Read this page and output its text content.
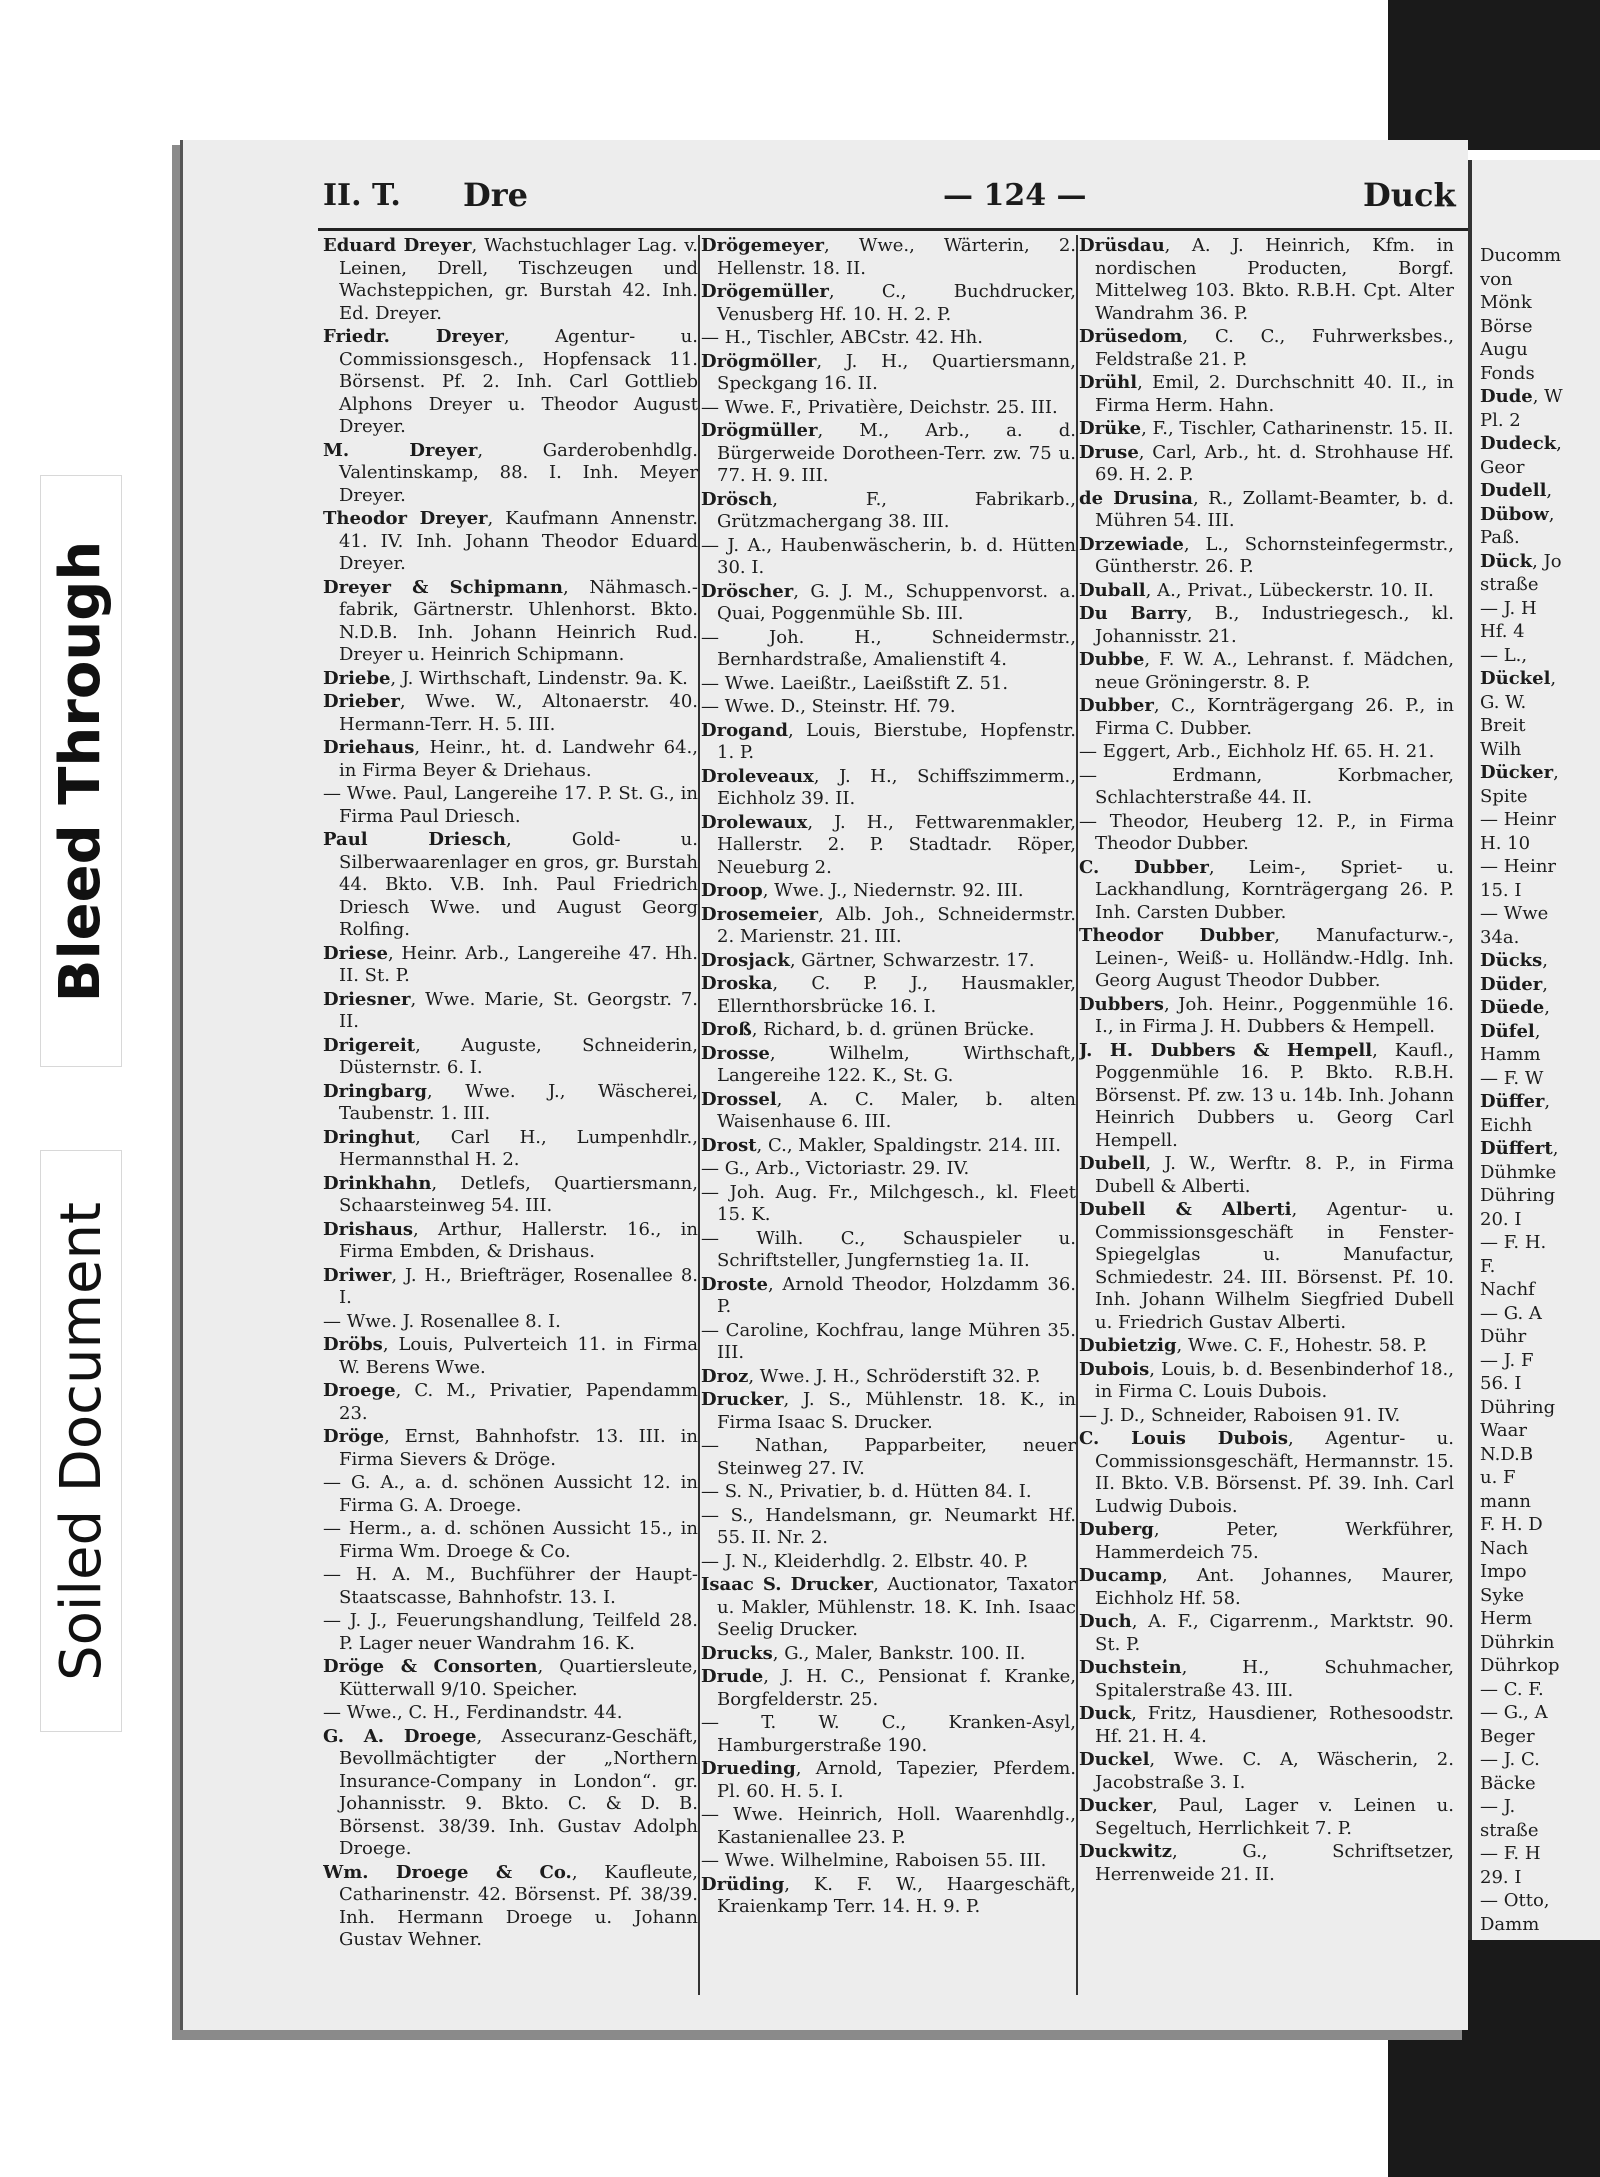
Bleed Through
Soiled Document
II. T. Dre	— 124 —	Duck
Eduard Dreyer, Wachstuchlager Lag. v. Leinen, Drell, Tischzeugen und Wachsteppichen, gr. Burstah 42. Inh. Ed. Dreyer.
Friedr. Dreyer, Agentur- u. Commissionsgesch., Hopfensack 11. Börsenst. Pf. 2. Inh. Carl Gottlieb Alphons Dreyer u. Theodor August Dreyer.
M. Dreyer, Garderobenhdlg. Valentinskamp, 88. I. Inh. Meyer Dreyer.
Theodor Dreyer, Kaufmann Annenstr. 41. IV. Inh. Johann Theodor Eduard Dreyer.
Dreyer & Schipmann, Nähmasch.-fabrik, Gärtnerstr. Uhlenhorst. Bkto. N.D.B. Inh. Johann Heinrich Rud. Dreyer u. Heinrich Schipmann.
Driebe, J. Wirthschaft, Lindenstr. 9a. K.
Drieber, Wwe. W., Altonaerstr. 40. Hermann-Terr. H. 5. III.
Driehaus, Heinr., ht. d. Landwehr 64., in Firma Beyer & Driehaus.
— Wwe. Paul, Langereihe 17. P. St. G., in Firma Paul Driesch.
Paul Driesch, Gold- u. Silberwaarenlager en gros, gr. Burstah 44. Bkto. V.B. Inh. Paul Friedrich Driesch Wwe. und August Georg Rolfing.
Driese, Heinr. Arb., Langereihe 47. Hh. II. St. P.
Driesner, Wwe. Marie, St. Georgstr. 7. II.
Drigereit, Auguste, Schneiderin, Düsternstr. 6. I.
Dringbarg, Wwe. J., Wäscherei, Taubenstr. 1. III.
Dringhut, Carl H., Lumpenhdlr., Hermannsthal H. 2.
Drinkhahn, Detlefs, Quartiersmann, Schaarsteinweg 54. III.
Drishaus, Arthur, Hallerstr. 16., in Firma Embden, & Drishaus.
Driwer, J. H., Briefträger, Rosenallee 8. I.
— Wwe. J. Rosenallee 8. I.
Dröbs, Louis, Pulverteich 11. in Firma W. Berens Wwe.
Droege, C. M., Privatier, Papendamm 23.
Dröge, Ernst, Bahnhofstr. 13. III. in Firma Sievers & Dröge.
— G. A., a. d. schönen Aussicht 12. in Firma G. A. Droege.
— Herm., a. d. schönen Aussicht 15., in Firma Wm. Droege & Co.
— H. A. M., Buchführer der Haupt-Staatscasse, Bahnhofstr. 13. I.
— J. J., Feuerungshandlung, Teilfeld 28. P. Lager neuer Wandrahm 16. K.
Dröge & Consorten, Quartiersleute, Kütterwall 9/10. Speicher.
— Wwe., C. H., Ferdinandstr. 44.
G. A. Droege, Assecuranz-Geschäft, Bevollmächtigter der „Northern Insurance-Company in London“. gr. Johannisstr. 9. Bkto. C. & D. B. Börsenst. 38/39. Inh. Gustav Adolph Droege.
Wm. Droege & Co., Kaufleute, Catharinenstr. 42. Börsenst. Pf. 38/39. Inh. Hermann Droege u. Johann Gustav Wehner.
Drögemeyer, Wwe., Wärterin, 2. Hellenstr. 18. II.
Drögemüller, C., Buchdrucker, Venusberg Hf. 10. H. 2. P.
— H., Tischler, ABCstr. 42. Hh.
Drögmöller, J. H., Quartiersmann, Speckgang 16. II.
— Wwe. F., Privatière, Deichstr. 25. III.
Drögmüller, M., Arb., a. d. Bürgerweide Dorotheen-Terr. zw. 75 u. 77. H. 9. III.
Drösch, F., Fabrikarb., Grützmachergang 38. III.
— J. A., Haubenwäscherin, b. d. Hütten 30. I.
Dröscher, G. J. M., Schuppenvorst. a. Quai, Poggenmühle Sb. III.
— Joh. H., Schneidermstr., Bernhardstraße, Amalienstift 4.
— Wwe. Laeißtr., Laeißstift Z. 51.
— Wwe. D., Steinstr. Hf. 79.
Drogand, Louis, Bierstube, Hopfenstr. 1. P.
Droleveaux, J. H., Schiffszimmerm., Eichholz 39. II.
Drolewaux, J. H., Fettwarenmakler, Hallerstr. 2. P. Stadtadr. Röper, Neueburg 2.
Droop, Wwe. J., Niedernstr. 92. III.
Drosemeier, Alb. Joh., Schneidermstr. 2. Marienstr. 21. III.
Drosjack, Gärtner, Schwarzestr. 17.
Droska, C. P. J., Hausmakler, Ellernthorsbrücke 16. I.
Droß, Richard, b. d. grünen Brücke.
Drosse, Wilhelm, Wirthschaft, Langereihe 122. K., St. G.
Drossel, A. C. Maler, b. alten Waisenhause 6. III.
Drost, C., Makler, Spaldingstr. 214. III.
— G., Arb., Victoriastr. 29. IV.
— Joh. Aug. Fr., Milchgesch., kl. Fleet 15. K.
— Wilh. C., Schauspieler u. Schriftsteller, Jungfernstieg 1a. II.
Droste, Arnold Theodor, Holzdamm 36. P.
— Caroline, Kochfrau, lange Mühren 35. III.
Droz, Wwe. J. H., Schröderstift 32. P.
Drucker, J. S., Mühlenstr. 18. K., in Firma Isaac S. Drucker.
— Nathan, Papparbeiter, neuer Steinweg 27. IV.
— S. N., Privatier, b. d. Hütten 84. I.
— S., Handelsmann, gr. Neumarkt Hf. 55. II. Nr. 2.
— J. N., Kleiderhdlg. 2. Elbstr. 40. P.
Isaac S. Drucker, Auctionator, Taxator u. Makler, Mühlenstr. 18. K. Inh. Isaac Seelig Drucker.
Drucks, G., Maler, Bankstr. 100. II.
Drude, J. H. C., Pensionat f. Kranke, Borgfelderstr. 25.
— T. W. C., Kranken-Asyl, Hamburgerstraße 190.
Drueding, Arnold, Tapezier, Pferdem. Pl. 60. H. 5. I.
— Wwe. Heinrich, Holl. Waarenhdlg., Kastanienallee 23. P.
— Wwe. Wilhelmine, Raboisen 55. III.
Drüding, K. F. W., Haargeschäft, Kraienkamp Terr. 14. H. 9. P.
Drüsdau, A. J. Heinrich, Kfm. in nordischen Producten, Borgf. Mittelweg 103. Bkto. R.B.H. Cpt. Alter Wandrahm 36. P.
Drüsedom, C. C., Fuhrwerksbes., Feldstraße 21. P.
Drühl, Emil, 2. Durchschnitt 40. II., in Firma Herm. Hahn.
Drüke, F., Tischler, Catharinenstr. 15. II.
Druse, Carl, Arb., ht. d. Strohhause Hf. 69. H. 2. P.
de Drusina, R., Zollamt-Beamter, b. d. Mühren 54. III.
Drzewiade, L., Schornsteinfegermstr., Güntherstr. 26. P.
Duball, A., Privat., Lübeckerstr. 10. II.
Du Barry, B., Industriegesch., kl. Johannisstr. 21.
Dubbe, F. W. A., Lehranst. f. Mädchen, neue Gröningerstr. 8. P.
Dubber, C., Kornträgergang 26. P., in Firma C. Dubber.
— Eggert, Arb., Eichholz Hf. 65. H. 21.
— Erdmann, Korbmacher, Schlachterstraße 44. II.
— Theodor, Heuberg 12. P., in Firma Theodor Dubber.
C. Dubber, Leim-, Spriet- u. Lackhandlung, Kornträgergang 26. P. Inh. Carsten Dubber.
Theodor Dubber, Manufacturw.-, Leinen-, Weiß- u. Holländw.-Hdlg. Inh. Georg August Theodor Dubber.
Dubbers, Joh. Heinr., Poggenmühle 16. I., in Firma J. H. Dubbers & Hempell.
J. H. Dubbers & Hempell, Kaufl., Poggenmühle 16. P. Bkto. R.B.H. Börsenst. Pf. zw. 13 u. 14b. Inh. Johann Heinrich Dubbers u. Georg Carl Hempell.
Dubell, J. W., Werftr. 8. P., in Firma Dubell & Alberti.
Dubell & Alberti, Agentur- u. Commissionsgeschäft in Fenster-Spiegelglas u. Manufactur, Schmiedestr. 24. III. Börsenst. Pf. 10. Inh. Johann Wilhelm Siegfried Dubell u. Friedrich Gustav Alberti.
Dubietzig, Wwe. C. F., Hohestr. 58. P.
Dubois, Louis, b. d. Besenbinderhof 18., in Firma C. Louis Dubois.
— J. D., Schneider, Raboisen 91. IV.
C. Louis Dubois, Agentur- u. Commissionsgeschäft, Hermannstr. 15. II. Bkto. V.B. Börsenst. Pf. 39. Inh. Carl Ludwig Dubois.
Duberg, Peter, Werkführer, Hammerdeich 75.
Ducamp, Ant. Johannes, Maurer, Eichholz Hf. 58.
Duch, A. F., Cigarrenm., Marktstr. 90. St. P.
Duchstein, H., Schuhmacher, Spitalerstraße 43. III.
Duck, Fritz, Hausdiener, Rothesoodstr. Hf. 21. H. 4.
Duckel, Wwe. C. A, Wäscherin, 2. Jacobstraße 3. I.
Ducker, Paul, Lager v. Leinen u. Segeltuch, Herrlichkeit 7. P.
Duckwitz, G., Schriftsetzer, Herrenweide 21. II.
Ducomm
von
Mönk
Börse
Augu
Fonds
Dude, W
Pl. 2
Dudeck,
Geor
Dudell,
Dübow,
Paß.
Dück, Jo
straße
— J. H
Hf. 4
— L.,
Dückel,
G. W.
Breit
Wilh
Dücker,
Spite
— Heinr
H. 10
— Heinr
15. I
— Wwe
34a.
Dücks,
Düder,
Düede,
Düfel,
Hamm
— F. W
Düffer,
Eichh
Düffert,
Dühmke
Dühring
20. I
— F. H.
F.
Nachf
— G. A
Dühr
— J. F
56. I
Dühring
Waar
N.D.B
u. F
mann
F. H. D
Nach
Impo
Syke
Herm
Dührkin
Dührkop
— C. F.
— G., A
Beger
— J. C.
Bäcke
— J.
straße
— F. H
29. I
— Otto,
Damm
